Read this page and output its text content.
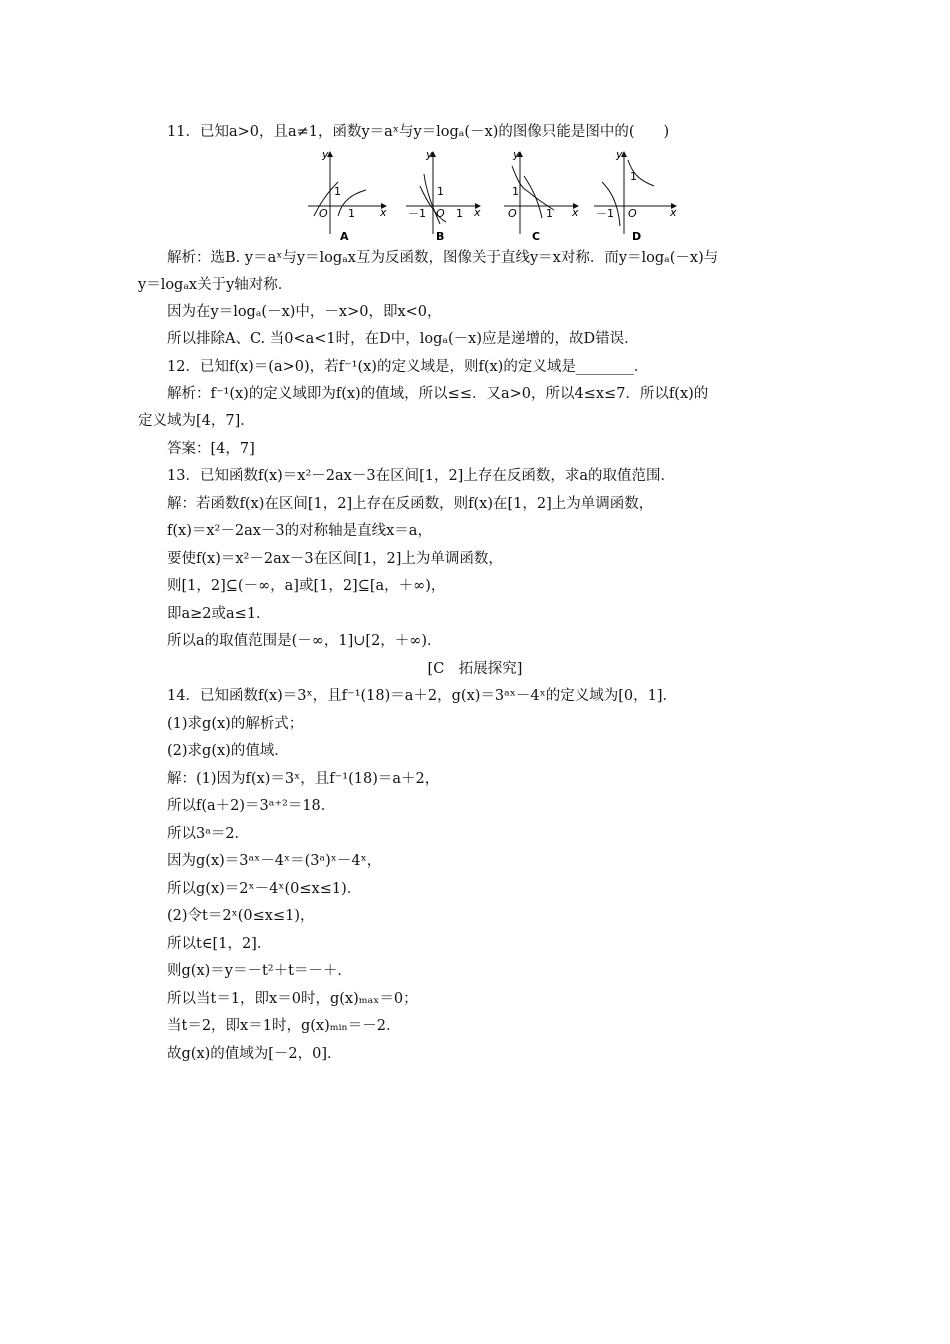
11．已知a>0，且a≠1，函数y＝aˣ与y＝logₐ(－x)的图像只能是图中的(　　)
y
x
O
1
1
A
y
x
－1 O
1
1
B
y
x
O
1
1
C
y
x
－1 O
1
D
解析：选B. y＝aˣ与y＝logₐx互为反函数，图像关于直线y＝x对称．而y＝logₐ(－x)与
y＝logₐx关于y轴对称．
因为在y＝logₐ(－x)中，－x>0，即x<0，
所以排除A、C. 当0<a<1时，在D中，logₐ(－x)应是递增的，故D错误．
12．已知f(x)＝(a>0)，若f⁻¹(x)的定义域是，则f(x)的定义域是________．
解析：f⁻¹(x)的定义域即为f(x)的值域，所以≤≤．又a>0，所以4≤x≤7．所以f(x)的
定义域为[4，7]．
答案：[4，7]
13．已知函数f(x)＝x²－2ax－3在区间[1，2]上存在反函数，求a的取值范围．
解：若函数f(x)在区间[1，2]上存在反函数，则f(x)在[1，2]上为单调函数，
f(x)＝x²－2ax－3的对称轴是直线x＝a，
要使f(x)＝x²－2ax－3在区间[1，2]上为单调函数，
则[1，2]⊆(－∞，a]或[1，2]⊆[a，＋∞)，
即a≥2或a≤1．
所以a的取值范围是(－∞，1]∪[2，＋∞)．
[C　拓展探究]
14．已知函数f(x)＝3ˣ，且f⁻¹(18)＝a＋2，g(x)＝3ᵃˣ－4ˣ的定义域为[0，1]．
(1)求g(x)的解析式；
(2)求g(x)的值域．
解：(1)因为f(x)＝3ˣ，且f⁻¹(18)＝a＋2，
所以f(a＋2)＝3ᵃ⁺²＝18．
所以3ᵃ＝2．
因为g(x)＝3ᵃˣ－4ˣ＝(3ᵃ)ˣ－4ˣ，
所以g(x)＝2ˣ－4ˣ(0≤x≤1)．
(2)令t＝2ˣ(0≤x≤1)，
所以t∈[1，2]．
则g(x)＝y＝－t²＋t＝－＋．
所以当t＝1，即x＝0时，g(x)ₘₐₓ＝0；
当t＝2，即x＝1时，g(x)ₘᵢₙ＝－2．
故g(x)的值域为[－2，0]．
